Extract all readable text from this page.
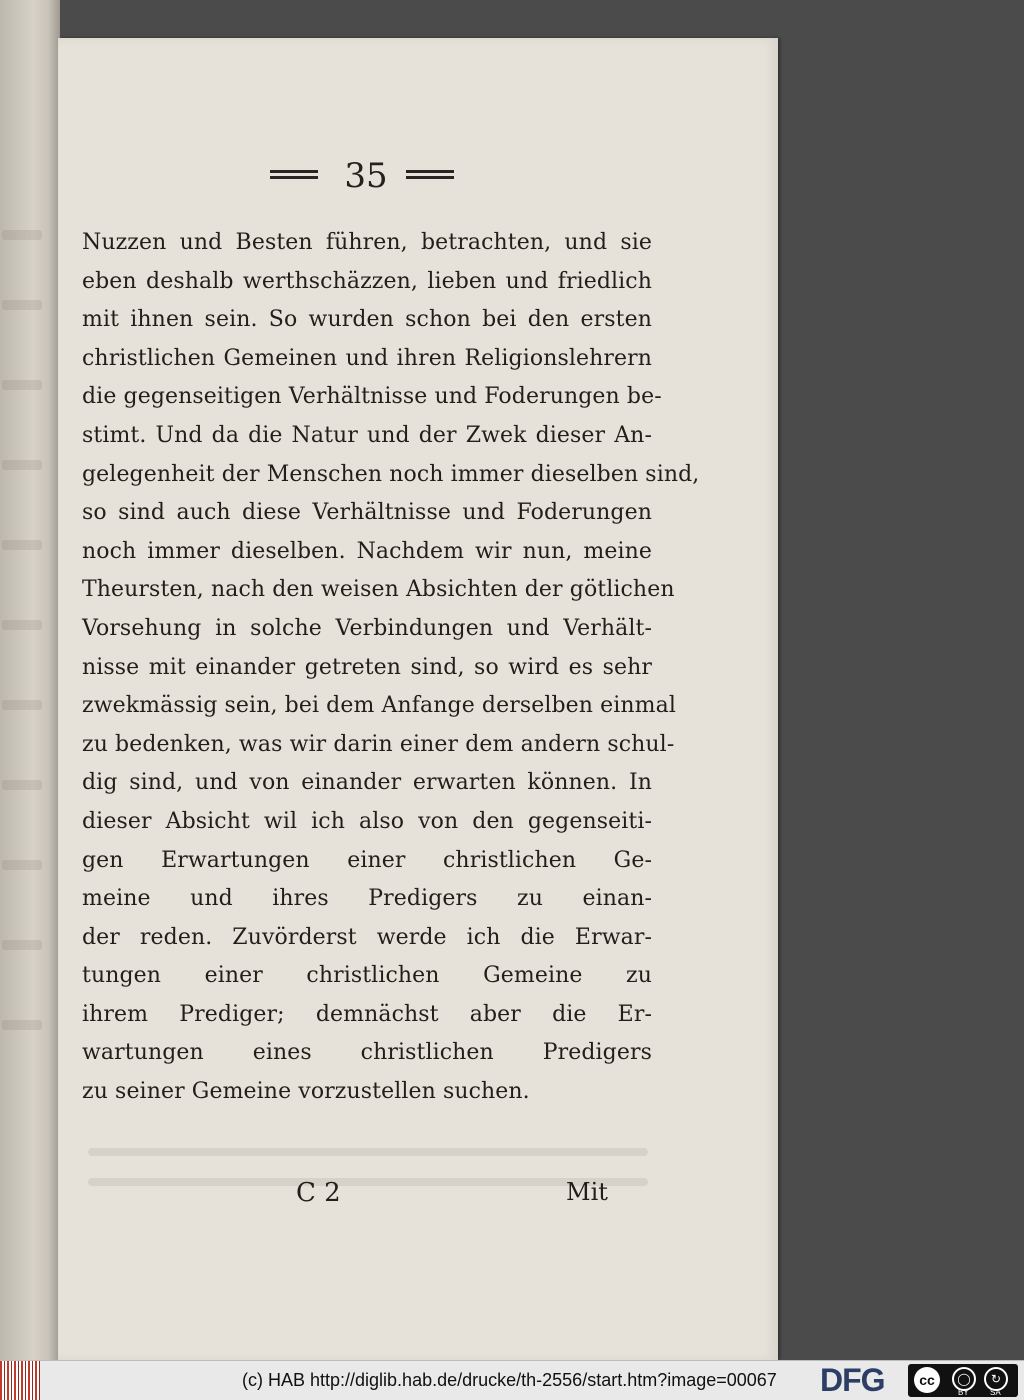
35
Nuzzen und Besten führen, betrachten, und sie
eben deshalb werthschäzzen, lieben und friedlich
mit ihnen sein. So wurden schon bei den ersten
christlichen Gemeinen und ihren Religionslehrern
die gegenseitigen Verhältnisse und Foderungen be-
stimt. Und da die Natur und der Zwek dieser An-
gelegenheit der Menschen noch immer dieselben sind,
so sind auch diese Verhältnisse und Foderungen
noch immer dieselben. Nachdem wir nun, meine
Theursten, nach den weisen Absichten der götlichen
Vorsehung in solche Verbindungen und Verhält-
nisse mit einander getreten sind, so wird es sehr
zwekmässig sein, bei dem Anfange derselben einmal
zu bedenken, was wir darin einer dem andern schul-
dig sind, und von einander erwarten können. In
dieser Absicht wil ich also von den gegenseiti-
gen Erwartungen einer christlichen Ge-
meine und ihres Predigers zu einan-
der reden. Zuvörderst werde ich die Erwar-
tungen einer christlichen Gemeine zu
ihrem Prediger; demnächst aber die Er-
wartungen eines christlichen Predigers
zu seiner Gemeine vorzustellen suchen.
C 2	Mit
(c) HAB http://diglib.hab.de/drucke/th-2556/start.htm?image=00067 DFG	cc	◯	↻
BY	SA
